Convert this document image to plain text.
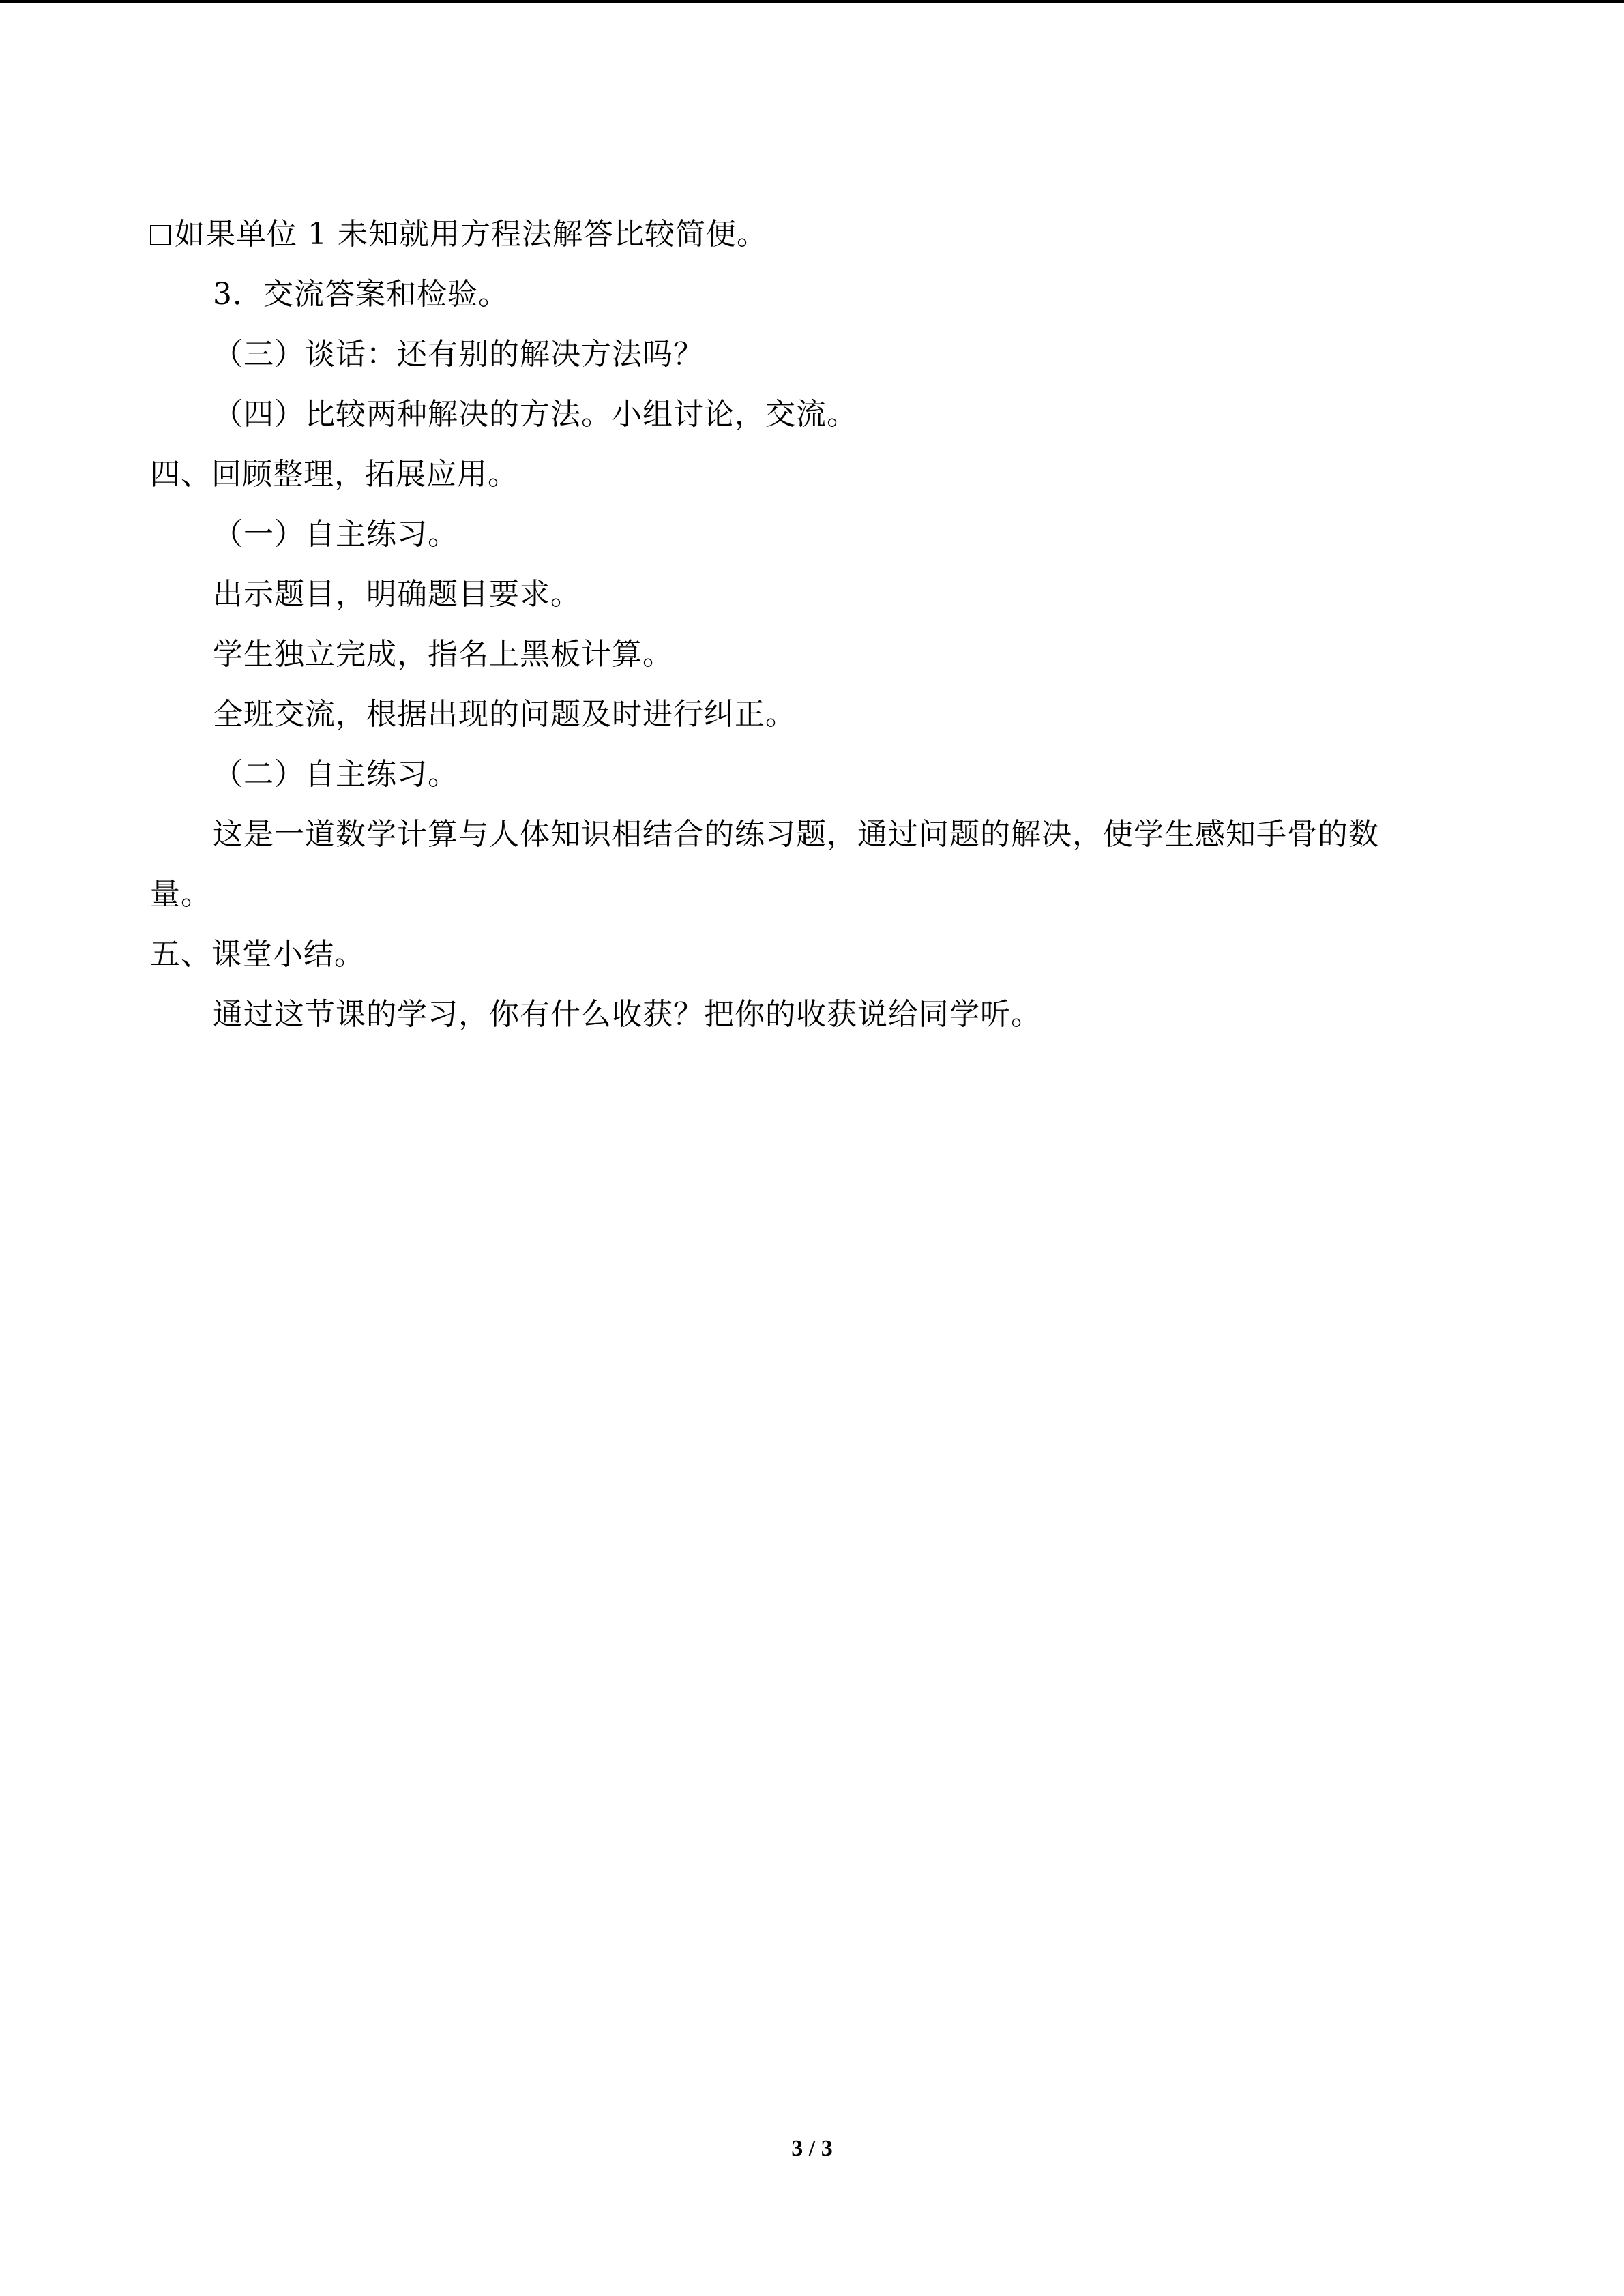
如果单位 1 未知就用方程法解答比较简便。
3．交流答案和检验。
（三）谈话：还有别的解决方法吗？
（四）比较两种解决的方法。小组讨论，交流。
四、回顾整理，拓展应用。
（一）自主练习。
出示题目，明确题目要求。
学生独立完成，指名上黑板计算。
全班交流，根据出现的问题及时进行纠正。
（二）自主练习。
这是一道数学计算与人体知识相结合的练习题，通过问题的解决，使学生感知手骨的数
量。
五、课堂小结。
通过这节课的学习，你有什么收获？把你的收获说给同学听。
3 / 3
